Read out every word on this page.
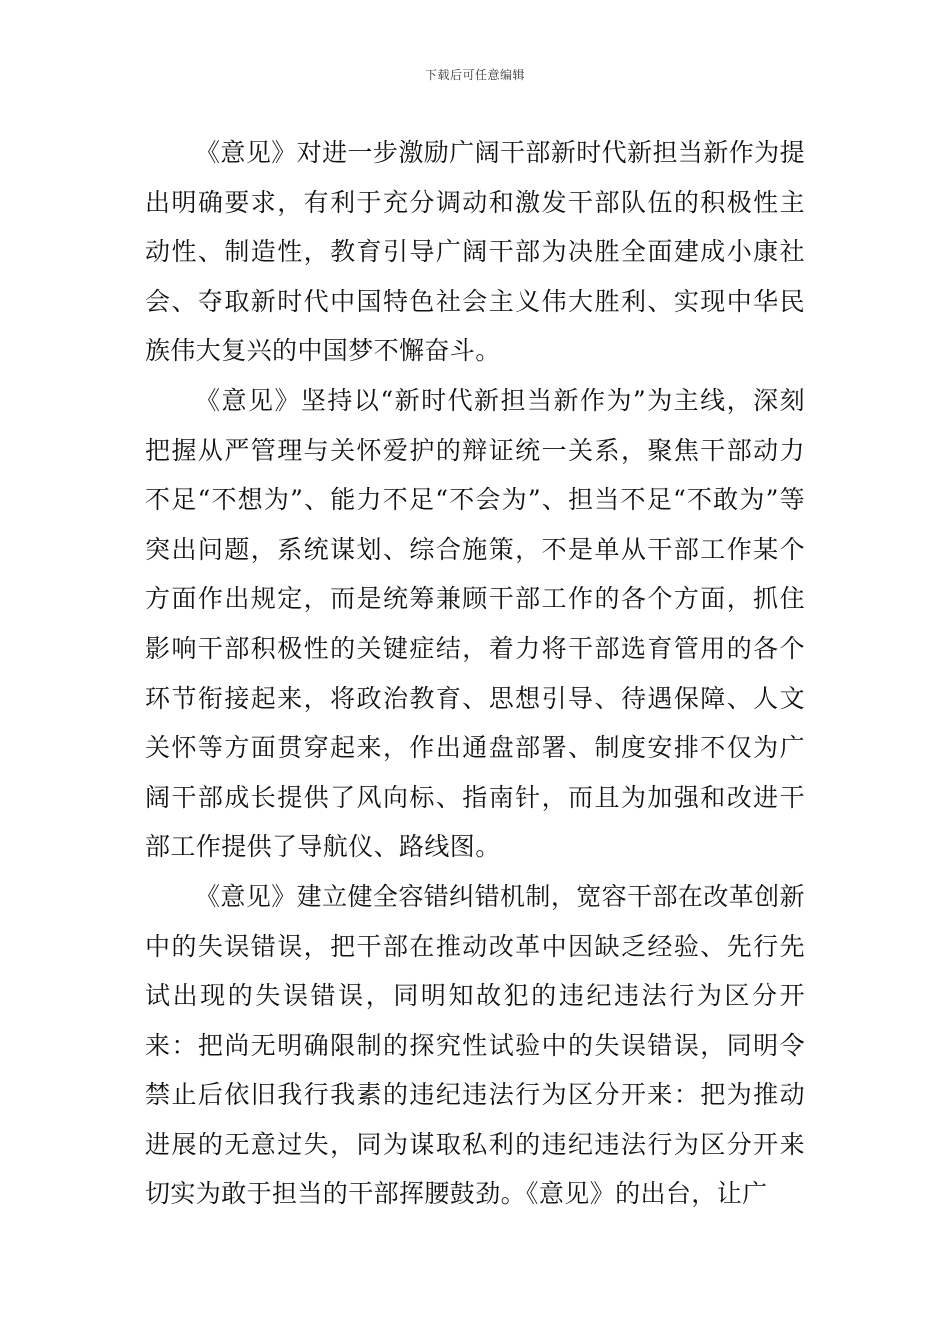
下载后可任意编辑

《意见》对进一步激励广阔干部新时代新担当新作为提出明确要求，有利于充分调动和激发干部队伍的积极性主动性、制造性，教育引导广阔干部为决胜全面建成小康社会、夺取新时代中国特色社会主义伟大胜利、实现中华民族伟大复兴的中国梦不懈奋斗。

《意见》坚持以“新时代新担当新作为”为主线，深刻把握从严管理与关怀爱护的辩证统一关系，聚焦干部动力不足“不想为”、能力不足“不会为”、担当不足“不敢为”等突出问题，系统谋划、综合施策，不是单从干部工作某个方面作出规定，而是统筹兼顾干部工作的各个方面，抓住影响干部积极性的关键症结，着力将干部选育管用的各个环节衔接起来，将政治教育、思想引导、待遇保障、人文关怀等方面贯穿起来，作出通盘部署、制度安排不仅为广阔干部成长提供了风向标、指南针，而且为加强和改进干部工作提供了导航仪、路线图。

《意见》建立健全容错纠错机制，宽容干部在改革创新中的失误错误，把干部在推动改革中因缺乏经验、先行先试出现的失误错误，同明知故犯的违纪违法行为区分开来：把尚无明确限制的探究性试验中的失误错误，同明令禁止后依旧我行我素的违纪违法行为区分开来：把为推动进展的无意过失，同为谋取私利的违纪违法行为区分开来切实为敢于担当的干部挥腰鼓劲。《意见》的出台，让广
